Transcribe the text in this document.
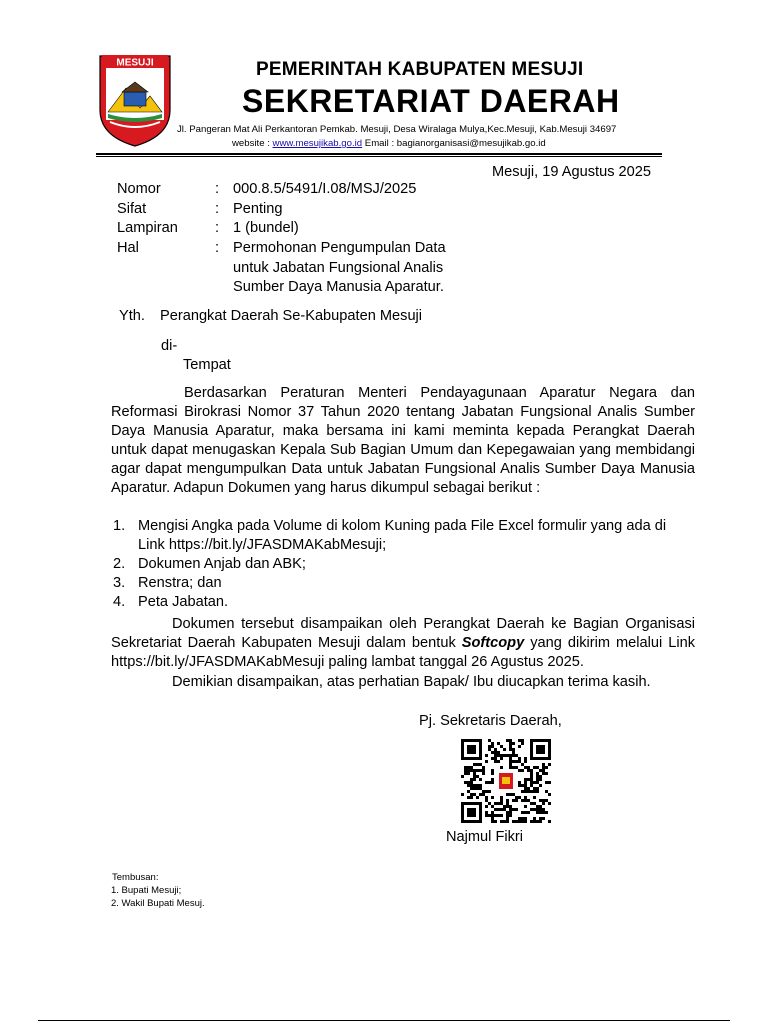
MESUJI	PEMERINTAH KABUPATEN MESUJI
SEKRETARIAT DAERAH
Jl. Pangeran Mat Ali Perkantoran Pemkab. Mesuji, Desa Wiralaga Mulya,Kec.Mesuji, Kab.Mesuji 34697
website : www.mesujikab.go.id Email : bagianorganisasi@mesujikab.go.id
Mesuji, 19 Agustus 2025
Nomor	: 000.8.5/5491/I.08/MSJ/2025
Sifat	: Penting
Lampiran	: 1 (bundel)
Hal	: Permohonan Pengumpulan Data
untuk Jabatan Fungsional Analis
Sumber Daya Manusia Aparatur.
Yth. Perangkat Daerah Se-Kabupaten Mesuji
di-
Tempat
Berdasarkan Peraturan Menteri Pendayagunaan Aparatur Negara dan Reformasi Birokrasi Nomor 37 Tahun 2020 tentang Jabatan Fungsional Analis Sumber Daya Manusia Aparatur, maka bersama ini kami meminta kepada Perangkat Daerah untuk dapat menugaskan Kepala Sub Bagian Umum dan Kepegawaian yang membidangi agar dapat mengumpulkan Data untuk Jabatan Fungsional Analis Sumber Daya Manusia Aparatur. Adapun Dokumen yang harus dikumpul sebagai berikut :
1. Mengisi Angka pada Volume di kolom Kuning pada File Excel formulir yang ada di Link https://bit.ly/JFASDMAKabMesuji;
2. Dokumen Anjab dan ABK;
3. Renstra; dan
4. Peta Jabatan.
Dokumen tersebut disampaikan oleh Perangkat Daerah ke Bagian Organisasi Sekretariat Daerah Kabupaten Mesuji dalam bentuk Softcopy yang dikirim melalui Link https://bit.ly/JFASDMAKabMesuji paling lambat tanggal 26 Agustus 2025.
Demikian disampaikan, atas perhatian Bapak/ Ibu diucapkan terima kasih.
Pj. Sekretaris Daerah,
Najmul Fikri
Tembusan:
1. Bupati Mesuji;
2. Wakil Bupati Mesuj.
